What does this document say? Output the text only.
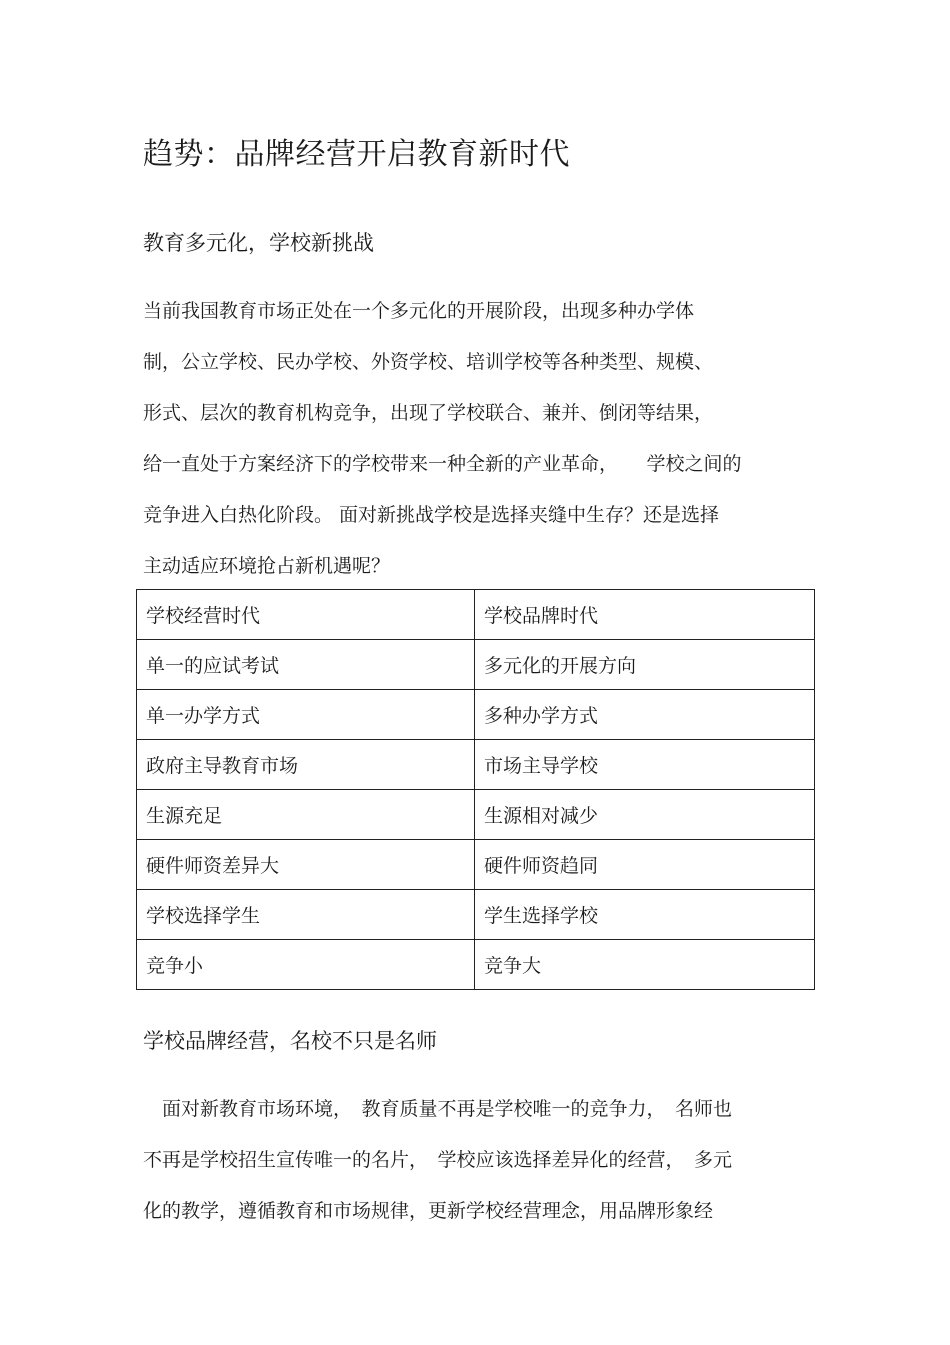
趋势：品牌经营开启教育新时代
教育多元化，学校新挑战
当前我国教育市场正处在一个多元化的开展阶段，出现多种办学体
制，公立学校、民办学校、外资学校、培训学校等各种类型、规模、
形式、层次的教育机构竞争，出现了学校联合、兼并、倒闭等结果，
给一直处于方案经济下的学校带来一种全新的产业革命，　　学校之间的
竞争进入白热化阶段。 面对新挑战学校是选择夹缝中生存？还是选择
主动适应环境抢占新机遇呢？
学校经营时代	学校品牌时代
单一的应试考试	多元化的开展方向
单一办学方式	多种办学方式
政府主导教育市场	市场主导学校
生源充足	生源相对减少
硬件师资差异大	硬件师资趋同
学校选择学生	学生选择学校
竞争小	竞争大
学校品牌经营，名校不只是名师
　面对新教育市场环境，　教育质量不再是学校唯一的竞争力，　名师也
不再是学校招生宣传唯一的名片，　学校应该选择差异化的经营，　多元
化的教学，遵循教育和市场规律，更新学校经营理念，用品牌形象经
